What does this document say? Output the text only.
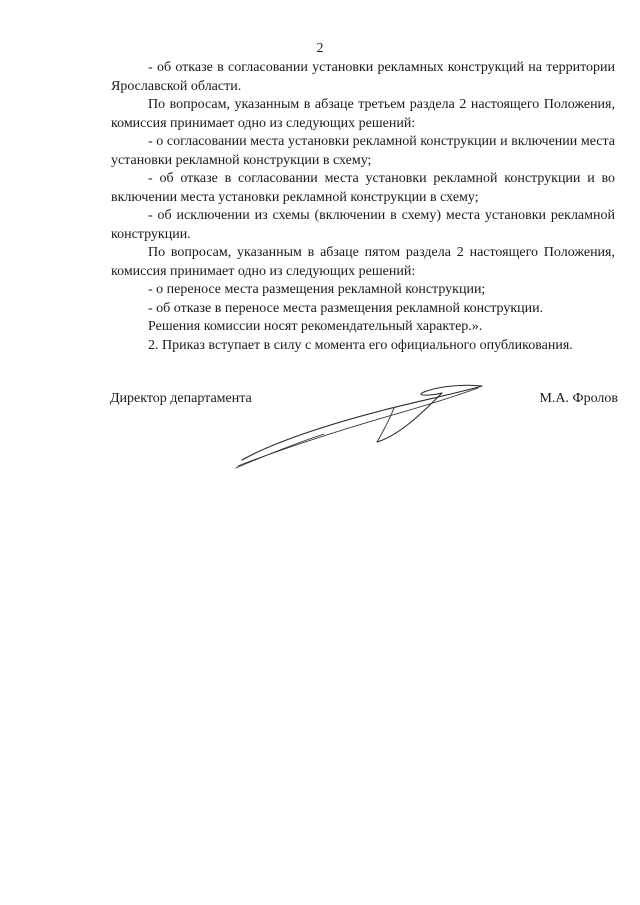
2

- об отказе в согласовании установки рекламных конструкций на территории Ярославской области.

По вопросам, указанным в абзаце третьем раздела 2 настоящего Положения, комиссия принимает одно из следующих решений:

- о согласовании места установки рекламной конструкции и включении места установки рекламной конструкции в схему;

- об отказе в согласовании места установки рекламной конструкции и во включении места установки рекламной конструкции в схему;

- об исключении из схемы (включении в схему) места установки рекламной конструкции.

По вопросам, указанным в абзаце пятом раздела 2 настоящего Положения, комиссия принимает одно из следующих решений:

- о переносе места размещения рекламной конструкции;

- об отказе в переносе места размещения рекламной конструкции.

Решения комиссии носят рекомендательный характер.».

2. Приказ вступает в силу с момента его официального опубликования.

Директор департамента	М.А. Фролов
